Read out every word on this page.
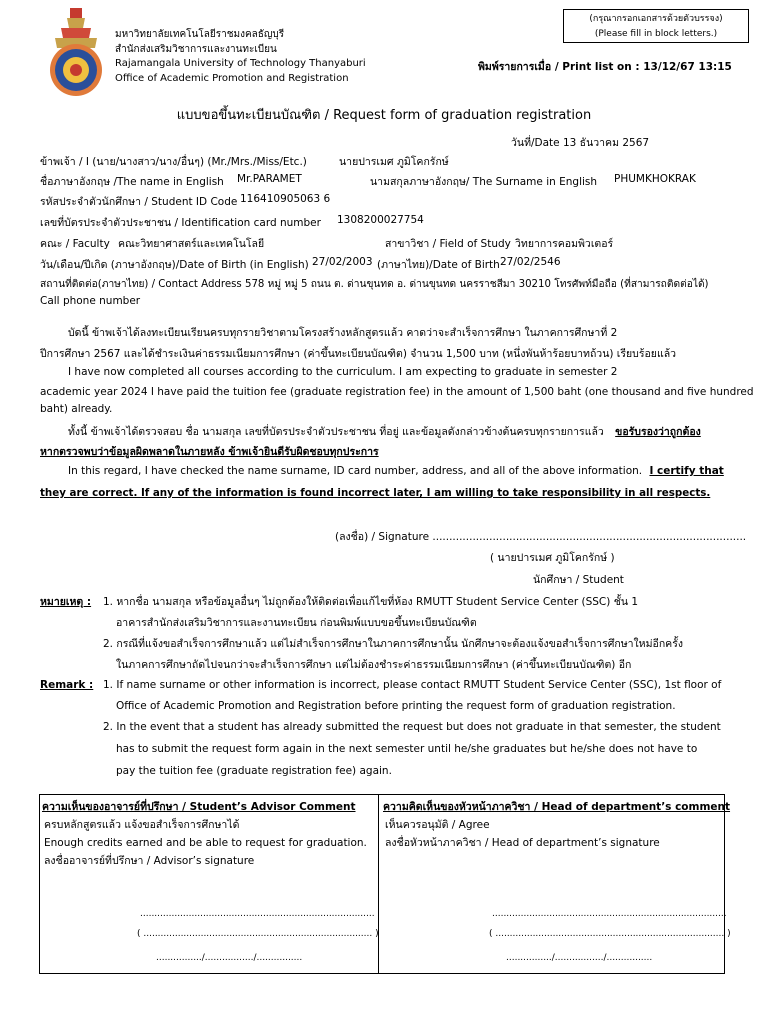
มหาวิทยาลัยเทคโนโลยีราชมงคลธัญบุรี
สำนักส่งเสริมวิชาการและงานทะเบียน
Rajamangala University of Technology Thanyaburi
Office of Academic Promotion and Registration
(กรุณากรอกเอกสารด้วยตัวบรรจง)
(Please fill in block letters.)
พิมพ์รายการเมื่อ / Print list on : 13/12/67 13:15
แบบขอขึ้นทะเบียนบัณฑิต / Request form of graduation registration
วันที่/Date 13 ธันวาคม 2567
ข้าพเจ้า / I (นาย/นางสาว/นาง/อื่นๆ) (Mr./Mrs./Miss/Etc.)	นายปารเมศ ภูมิโคกรักษ์
ชื่อภาษาอังกฤษ /The name in English Mr.PARAMET	นามสกุลภาษาอังกฤษ/ The Surname in English PHUMKHOKRAK
รหัสประจำตัวนักศึกษา / Student ID Code 116410905063 6
เลขที่บัตรประจำตัวประชาชน / Identification card number 1308200027754
คณะ / Faculty คณะวิทยาศาสตร์และเทคโนโลยี	สาขาวิชา / Field of Study วิทยาการคอมพิวเตอร์
วัน/เดือน/ปีเกิด (ภาษาอังกฤษ)/Date of Birth (in English) 27/02/2003 (ภาษาไทย)/Date of Birth 27/02/2546
สถานที่ติดต่อ(ภาษาไทย) / Contact Address 578 หมู่ หมู่ 5 ถนน ต. ด่านขุนทด อ. ด่านขุนทด นครราชสีมา 30210 โทรศัพท์มือถือ (ที่สามารถติดต่อได้)
Call phone number
บัดนี้ ข้าพเจ้าได้ลงทะเบียนเรียนครบทุกรายวิชาตามโครงสร้างหลักสูตรแล้ว คาดว่าจะสำเร็จการศึกษา ในภาคการศึกษาที่ 2
ปีการศึกษา 2567 และได้ชำระเงินค่าธรรมเนียมการศึกษา (ค่าขึ้นทะเบียนบัณฑิต) จำนวน 1,500 บาท (หนึ่งพันห้าร้อยบาทถ้วน) เรียบร้อยแล้ว
I have now completed all courses according to the curriculum. I am expecting to graduate in semester 2
academic year 2024 I have paid the tuition fee (graduate registration fee) in the amount of 1,500 baht (one thousand and five hundred
baht) already.
ทั้งนี้ ข้าพเจ้าได้ตรวจสอบ ชื่อ นามสกุล เลขที่บัตรประจำตัวประชาชน ที่อยู่ และข้อมูลดังกล่าวข้างต้นครบทุกรายการแล้ว ขอรับรองว่าถูกต้อง
หากตรวจพบว่าข้อมูลผิดพลาดในภายหลัง ข้าพเจ้ายินดีรับผิดชอบทุกประการ
In this regard, I have checked the name surname, ID card number, address, and all of the above information. I certify that
they are correct. If any of the information is found incorrect later, I am willing to take responsibility in all respects.
(ลงชื่อ) / Signature ..............................................................................................
( นายปารเมศ ภูมิโคกรักษ์ )
นักศึกษา / Student
หมายเหตุ : 1. หากชื่อ นามสกุล หรือข้อมูลอื่นๆ ไม่ถูกต้องให้ติดต่อเพื่อแก้ไขที่ห้อง RMUTT Student Service Center (SSC) ชั้น 1
อาคารสำนักส่งเสริมวิชาการและงานทะเบียน ก่อนพิมพ์แบบขอขึ้นทะเบียนบัณฑิต
2. กรณีที่แจ้งขอสำเร็จการศึกษาแล้ว แต่ไม่สำเร็จการศึกษาในภาคการศึกษานั้น นักศึกษาจะต้องแจ้งขอสำเร็จการศึกษาใหม่อีกครั้ง
ในภาคการศึกษาถัดไปจนกว่าจะสำเร็จการศึกษา แต่ไม่ต้องชำระค่าธรรมเนียมการศึกษา (ค่าขึ้นทะเบียนบัณฑิต) อีก
Remark : 1. If name surname or other information is incorrect, please contact RMUTT Student Service Center (SSC), 1st floor of
Office of Academic Promotion and Registration before printing the request form of graduation registration.
2. In the event that a student has already submitted the request but does not graduate in that semester, the student
has to submit the request form again in the next semester until he/she graduates but he/she does not have to
pay the tuition fee (graduate registration fee) again.
ความเห็นของอาจารย์ที่ปรึกษา / Student’s Advisor Comment
ครบหลักสูตรแล้ว แจ้งขอสำเร็จการศึกษาได้
Enough credits earned and be able to request for graduation.
ลงชื่ออาจารย์ที่ปรึกษา / Advisor’s signature
..................................................................................
( ................................................................................ )
................/................./................
ความคิดเห็นของหัวหน้าภาควิชา / Head of department’s comment
เห็นควรอนุมัติ / Agree
ลงชื่อหัวหน้าภาควิชา / Head of department’s signature
..................................................................................
( ................................................................................ )
................/................./................
